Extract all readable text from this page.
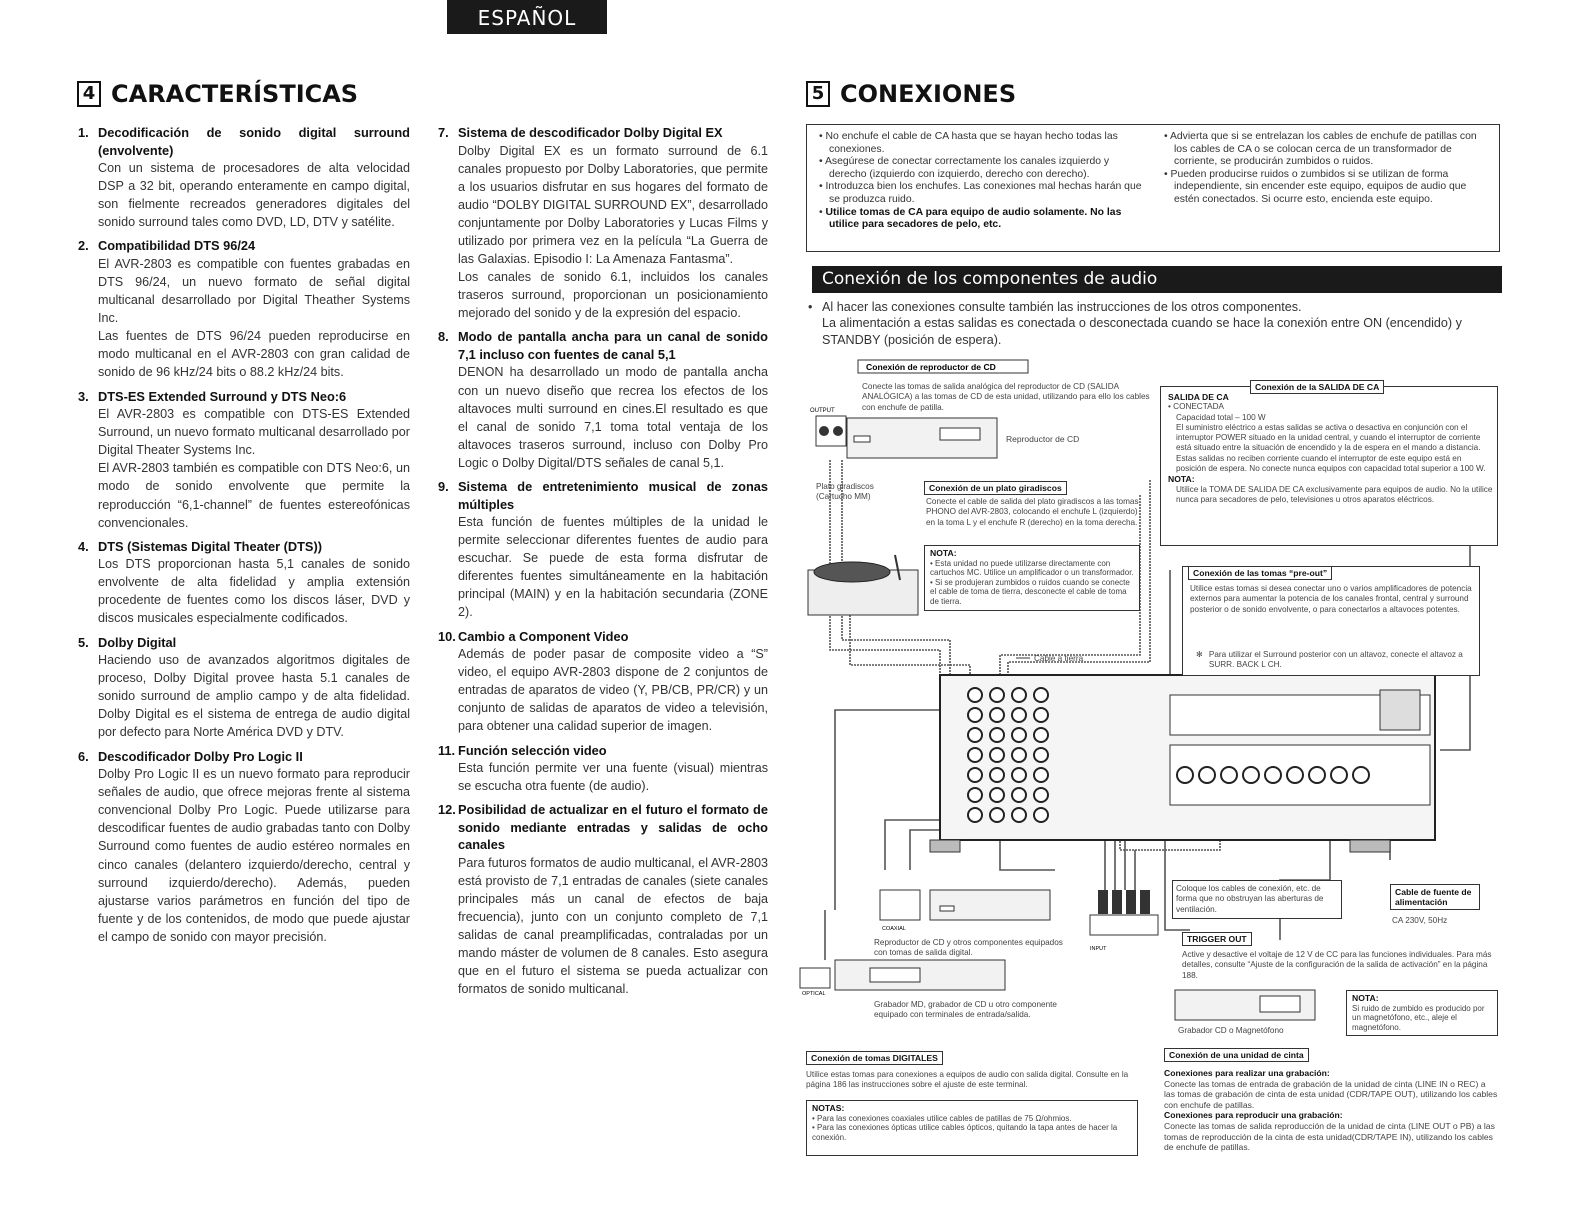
ESPAÑOL
4 CARACTERÍSTICAS	5 CONEXIONES
1. Decodificación de sonido digital surround (envolvente)

Con un sistema de procesadores de alta velocidad DSP a 32 bit, operando enteramente en campo digital, son fielmente recreados generadores digitales del sonido surround tales como DVD, LD, DTV y satélite.

2. Compatibilidad DTS 96/24

El AVR-2803 es compatible con fuentes grabadas en DTS 96/24, un nuevo formato de señal digital multicanal desarrollado por Digital Theather Systems Inc.

Las fuentes de DTS 96/24 pueden reproducirse en modo multicanal en el AVR-2803 con gran calidad de sonido de 96 kHz/24 bits o 88.2 kHz/24 bits.

3. DTS-ES Extended Surround y DTS Neo:6

El AVR-2803 es compatible con DTS-ES Extended Surround, un nuevo formato multicanal desarrollado por Digital Theater Systems Inc.

El AVR-2803 también es compatible con DTS Neo:6, un modo de sonido envolvente que permite la reproducción “6,1-channel” de fuentes estereofónicas convencionales.

4. DTS (Sistemas Digital Theater (DTS))

Los DTS proporcionan hasta 5,1 canales de sonido envolvente de alta fidelidad y amplia extensión procedente de fuentes como los discos láser, DVD y discos musicales especialmente codificados.

5. Dolby Digital

Haciendo uso de avanzados algoritmos digitales de proceso, Dolby Digital provee hasta 5.1 canales de sonido surround de amplio campo y de alta fidelidad. Dolby Digital es el sistema de entrega de audio digital por defecto para Norte América DVD y DTV.

6. Descodificador Dolby Pro Logic II

Dolby Pro Logic II es un nuevo formato para reproducir señales de audio, que ofrece mejoras frente al sistema convencional Dolby Pro Logic. Puede utilizarse para descodificar fuentes de audio grabadas tanto con Dolby Surround como fuentes de audio estéreo normales en cinco canales (delantero izquierdo/derecho, central y surround izquierdo/derecho). Además, pueden ajustarse varios parámetros en función del tipo de fuente y de los contenidos, de modo que puede ajustar el campo de sonido con mayor precisión.

7. Sistema de descodificador Dolby Digital EX

Dolby Digital EX es un formato surround de 6.1 canales propuesto por Dolby Laboratories, que permite a los usuarios disfrutar en sus hogares del formato de audio “DOLBY DIGITAL SURROUND EX”, desarrollado conjuntamente por Dolby Laboratories y Lucas Films y utilizado por primera vez en la película “La Guerra de las Galaxias. Episodio I: La Amenaza Fantasma”.

Los canales de sonido 6.1, incluidos los canales traseros surround, proporcionan un posicionamiento mejorado del sonido y de la expresión del espacio.

8. Modo de pantalla ancha para un canal de sonido 7,1 incluso con fuentes de canal 5,1

DENON ha desarrollado un modo de pantalla ancha con un nuevo diseño que recrea los efectos de los altavoces multi surround en cines.El resultado es que el canal de sonido 7,1 toma total ventaja de los altavoces traseros surround, incluso con Dolby Pro Logic o Dolby Digital/DTS señales de canal 5,1.

9. Sistema de entretenimiento musical de zonas múltiples

Esta función de fuentes múltiples de la unidad le permite seleccionar diferentes fuentes de audio para escuchar. Se puede de esta forma disfrutar de diferentes fuentes simultáneamente en la habitación principal (MAIN) y en la habitación secundaria (ZONE 2).

10. Cambio a Component Video

Además de poder pasar de composite video a “S” video, el equipo AVR-2803 dispone de 2 conjuntos de entradas de aparatos de video (Y, PB/CB, PR/CR) y un conjunto de salidas de aparatos de video a televisión, para obtener una calidad superior de imagen.

11. Función selección video

Esta función permite ver una fuente (visual) mientras se escucha otra fuente (de audio).

12. Posibilidad de actualizar en el futuro el formato de sonido mediante entradas y salidas de ocho canales

Para futuros formatos de audio multicanal, el AVR-2803 está provisto de 7,1 entradas de canales (siete canales principales más un canal de efectos de baja frecuencia), junto con un conjunto completo de 7,1 salidas de canal preamplificadas, contraladas por un mando máster de volumen de 8 canales. Esto asegura que en el futuro el sistema se pueda actualizar con formatos de sonido multicanal.

• No enchufe el cable de CA hasta que se hayan hecho todas las conexiones.
• Asegúrese de conectar correctamente los canales izquierdo y derecho (izquierdo con izquierdo, derecho con derecho).
• Introduzca bien los enchufes. Las conexiones mal hechas harán que se produzca ruido.
• Utilice tomas de CA para equipo de audio solamente. No las utilice para secadores de pelo, etc.
• Advierta que si se entrelazan los cables de enchufe de patillas con los cables de CA o se colocan cerca de un transformador de corriente, se producirán zumbidos o ruidos.
• Pueden producirse ruidos o zumbidos si se utilizan de forma independiente, sin encender este equipo, equipos de audio que estén conectados. Si ocurre esto, encienda este equipo.
Conexión de los componentes de audio
• Al hacer las conexiones consulte también las instrucciones de los otros componentes.
La alimentación a estas salidas es conectada o desconectada cuando se hace la conexión entre ON (encendido) y STANDBY (posición de espera).
Conexión de reproductor de CD
OUTPUT
Reproductor de CD
COAXIAL
OPTICAL
INPUT
Conecte las tomas de salida analógica del reproductor de CD (SALIDA ANALÓGICA) a las tomas de CD de esta unidad, utilizando para ello los cables con enchufe de patilla.
Plato giradiscos (Cartucho MM)
Conexión de un plato giradiscos
Conecte el cable de salida del plato giradiscos a las tomas PHONO del AVR-2803, colocando el enchufe L (izquierdo) en la toma L y el enchufe R (derecho) en la toma derecha.
NOTA:
• Esta unidad no puede utilizarse directamente con cartuchos MC. Utilice un amplificador o un transformador.
• Si se produjeran zumbidos o ruidos cuando se conecte el cable de toma de tierra, desconecte el cable de toma de tierra.
Cable a tierra
Conexión de la SALIDA DE CA
SALIDA DE CA
• CONECTADA
Capacidad total – 100 W
El suministro eléctrico a estas salidas se activa o desactiva en conjunción con el interruptor POWER situado en la unidad central, y cuando el interruptor de corriente está situado entre la situación de encendido y la de espera en el mando a distancia.
Estas salidas no reciben corriente cuando el interruptor de este equipo está en posición de espera. No conecte nunca equipos con capacidad total superior a 100 W.
NOTA:
Utilice la TOMA DE SALIDA DE CA exclusivamente para equipos de audio. No la utilice nunca para secadores de pelo, televisiones u otros aparatos eléctricos.
Conexión de las tomas “pre-out”
Utilice estas tomas si desea conectar uno o varios amplificadores de potencia externos para aumentar la potencia de los canales frontal, central y surround posterior o de sonido envolvente, o para conectarlos a altavoces potentes.
✻ Para utilizar el Surround posterior con un altavoz, conecte el altavoz a SURR. BACK L CH.
Coloque los cables de conexión, etc. de forma que no obstruyan las aberturas de ventilación.
Cable de fuente de alimentación
CA 230V, 50Hz
TRIGGER OUT
Active y desactive el voltaje de 12 V de CC para las funciones individuales. Para más detalles, consulte “Ajuste de la configuración de la salida de activación” en la página 188.
Reproductor de CD y otros componentes equipados con tomas de salida digital.
Grabador MD, grabador de CD u otro componente equipado con terminales de entrada/salida.
Grabador CD o Magnetófono
NOTA:
Si ruido de zumbido es producido por un magnetófono, etc., aleje el magnetófono.
Conexión de tomas DIGITALES
Utilice estas tomas para conexiones a equipos de audio con salida digital. Consulte en la página 186 las instrucciones sobre el ajuste de este terminal.
NOTAS:
• Para las conexiones coaxiales utilice cables de patillas de 75 Ω/ohmios.
• Para las conexiones ópticas utilice cables ópticos, quitando la tapa antes de hacer la conexión.
Conexión de una unidad de cinta
Conexiones para realizar una grabación:
Conecte las tomas de entrada de grabación de la unidad de cinta (LINE IN o REC) a las tomas de grabación de cinta de esta unidad (CDR/TAPE OUT), utilizando los cables con enchufe de patillas.
Conexiones para reproducir una grabación:
Conecte las tomas de salida reproducción de la unidad de cinta (LINE OUT o PB) a las tomas de reproducción de la cinta de esta unidad(CDR/TAPE IN), utilizando los cables de enchufe de patillas.
